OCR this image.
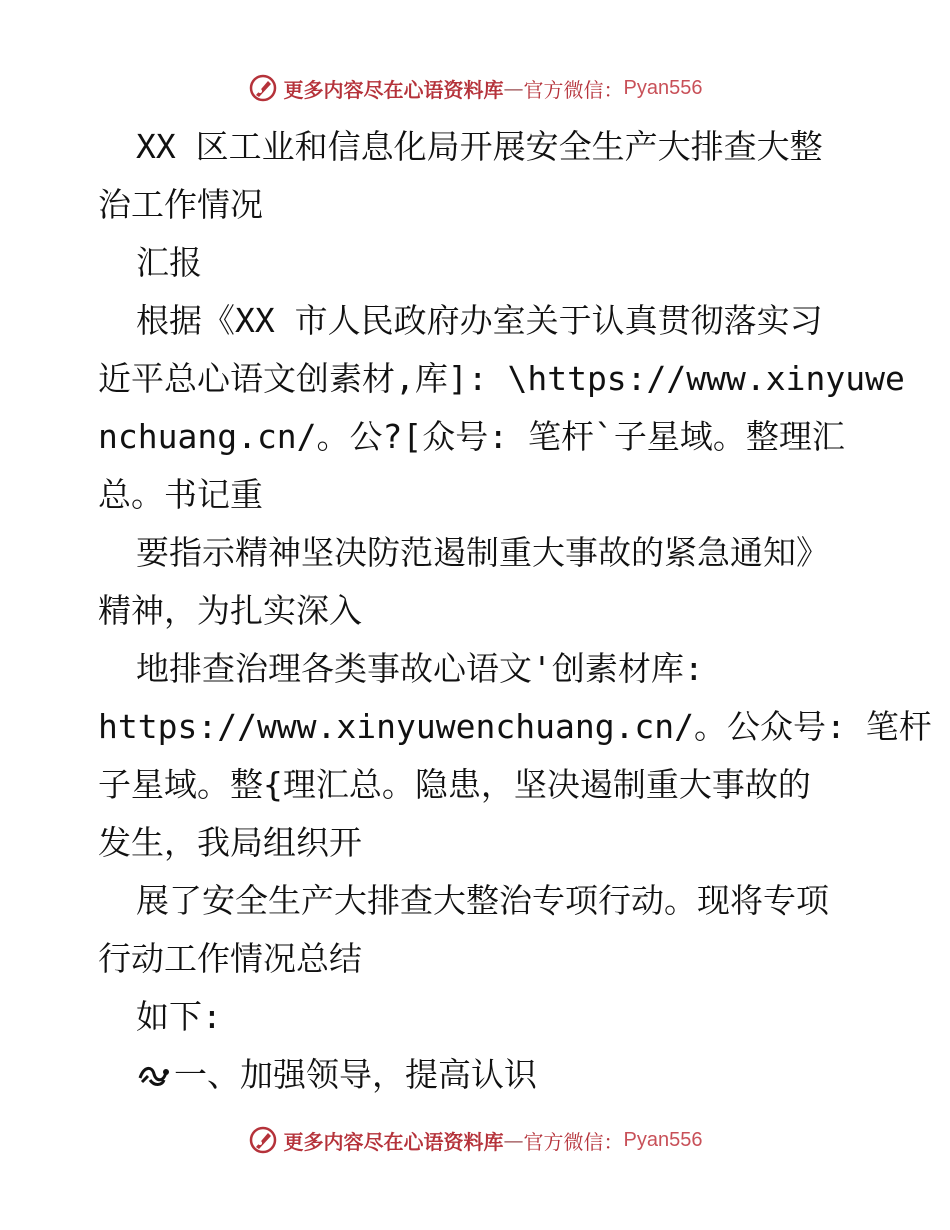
更多内容尽在心语资料库 — 官方微信： Pyan556
XX 区工业和信息化局开展安全生产大排查大整
治工作情况
汇报
根据《XX 市人民政府办室关于认真贯彻落实习
近平总心语文创素材,库]: \https://www.xinyuwe
nchuang.cn/。公?[众号: 笔杆`子星域。整理汇
总。书记重
要指示精神坚决防范遏制重大事故的紧急通知》
精神，为扎实深入
地排查治理各类事故心语文'创素材库:
https://www.xinyuwenchuang.cn/。公众号: 笔杆
子星域。整{理汇总。隐患，坚决遏制重大事故的
发生，我局组织开
展了安全生产大排查大整治专项行动。现将专项
行动工作情况总结
如下:
一、加强领导，提高认识
更多内容尽在心语资料库 — 官方微信： Pyan556
